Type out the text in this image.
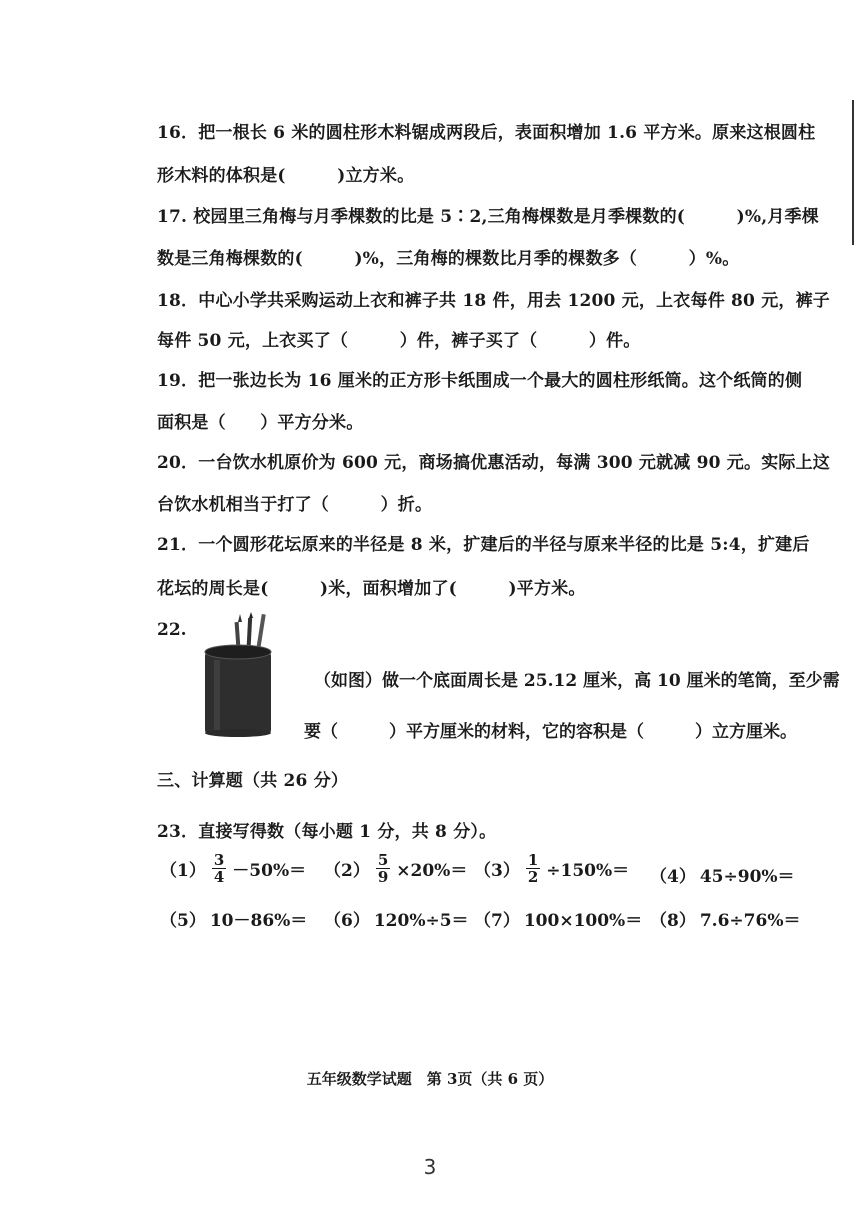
16．把一根长 6 米的圆柱形木料锯成两段后，表面积增加 1.6 平方米。原来这根圆柱
形木料的体积是(　　　)立方米。
17. 校园里三角梅与月季棵数的比是 5∶2,三角梅棵数是月季棵数的(　　　)%,月季棵
数是三角梅棵数的(　　　)%，三角梅的棵数比月季的棵数多（　　　）%。
18．中心小学共采购运动上衣和裤子共 18 件，用去 1200 元，上衣每件 80 元，裤子
每件 50 元，上衣买了（　　　）件，裤子买了（　　　）件。
19．把一张边长为 16 厘米的正方形卡纸围成一个最大的圆柱形纸筒。这个纸筒的侧
面积是（　　）平方分米。
20．一台饮水机原价为 600 元，商场搞优惠活动，每满 300 元就减 90 元。实际上这
台饮水机相当于打了（　　　）折。
21．一个圆形花坛原来的半径是 8 米，扩建后的半径与原来半径的比是 5:4，扩建后
花坛的周长是(　　　)米，面积增加了(　　　)平方米。
22.
（如图）做一个底面周长是 25.12 厘米，高 10 厘米的笔筒，至少需
要（　　　）平方厘米的材料，它的容积是（　　　）立方厘米。
三、计算题（共 26 分）
23．直接写得数（每小题 1 分，共 8 分）。
$(1) \frac{3}{4} -50\%= (2) \frac{5}{9} \times 20\%= (3) \frac{1}{2} \div 150\%= (4)$ 45÷90%＝
（5） 10－86%＝ （6） 120%÷5＝ （7） 100×100%＝ （8） 7.6÷76%＝
五年级数学试题　第 3页（共 6 页）
3
